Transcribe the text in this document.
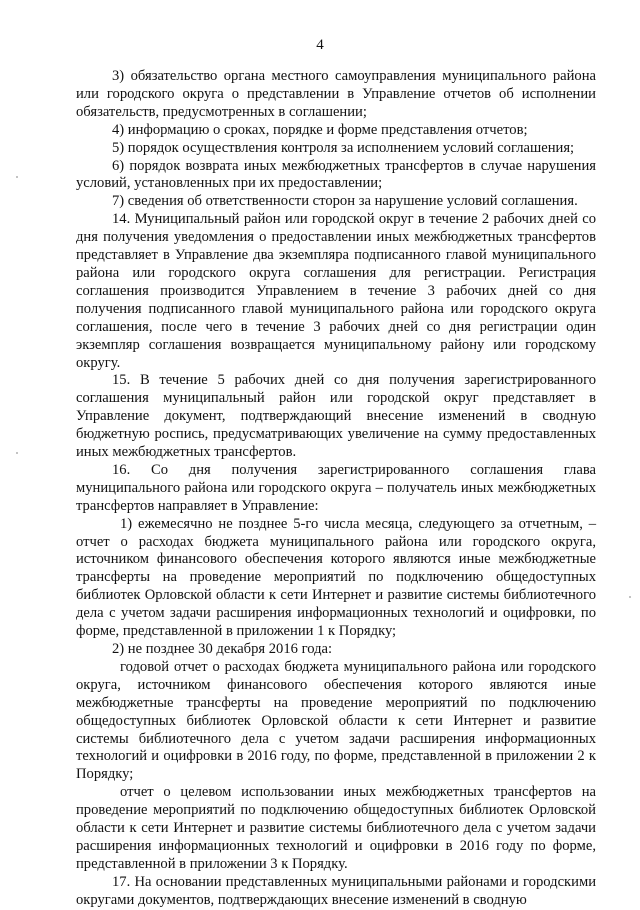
4

3) обязательство органа местного самоуправления муниципального района или городского округа о представлении в Управление отчетов об исполнении обязательств, предусмотренных в соглашении;

4) информацию о сроках, порядке и форме представления отчетов;

5) порядок осуществления контроля за исполнением условий соглашения;

6) порядок возврата иных межбюджетных трансфертов в случае нарушения условий, установленных при их предоставлении;

7) сведения об ответственности сторон за нарушение условий соглашения.

14. Муниципальный район или городской округ в течение 2 рабочих дней со дня получения уведомления о предоставлении иных межбюджетных трансфертов представляет в Управление два экземпляра подписанного главой муниципального района или городского округа соглашения для регистрации. Регистрация соглашения производится Управлением в течение 3 рабочих дней со дня получения подписанного главой муниципального района или городского округа соглашения, после чего в течение 3 рабочих дней со дня регистрации один экземпляр соглашения возвращается муниципальному району или городскому округу.

15. В течение 5 рабочих дней со дня получения зарегистрированного соглашения муниципальный район или городской округ представляет в Управление документ, подтверждающий внесение изменений в сводную бюджетную роспись, предусматривающих увеличение на сумму предоставленных иных межбюджетных трансфертов.

16. Со дня получения зарегистрированного соглашения глава муниципального района или городского округа – получатель иных межбюджетных трансфертов направляет в Управление:

1) ежемесячно не позднее 5-го числа месяца, следующего за отчетным, – отчет о расходах бюджета муниципального района или городского округа, источником финансового обеспечения которого являются иные межбюджетные трансферты на проведение мероприятий по подключению общедоступных библиотек Орловской области к сети Интернет и развитие системы библиотечного дела с учетом задачи расширения информационных технологий и оцифровки, по форме, представленной в приложении 1 к Порядку;

2) не позднее 30 декабря 2016 года:

годовой отчет о расходах бюджета муниципального района или городского округа, источником финансового обеспечения которого являются иные межбюджетные трансферты на проведение мероприятий по подключению общедоступных библиотек Орловской области к сети Интернет и развитие системы библиотечного дела с учетом задачи расширения информационных технологий и оцифровки в 2016 году, по форме, представленной в приложении 2 к Порядку;

отчет о целевом использовании иных межбюджетных трансфертов на проведение мероприятий по подключению общедоступных библиотек Орловской области к сети Интернет и развитие системы библиотечного дела с учетом задачи расширения информационных технологий и оцифровки в 2016 году по форме, представленной в приложении 3 к Порядку.

17. На основании представленных муниципальными районами и городскими округами документов, подтверждающих внесение изменений в сводную
